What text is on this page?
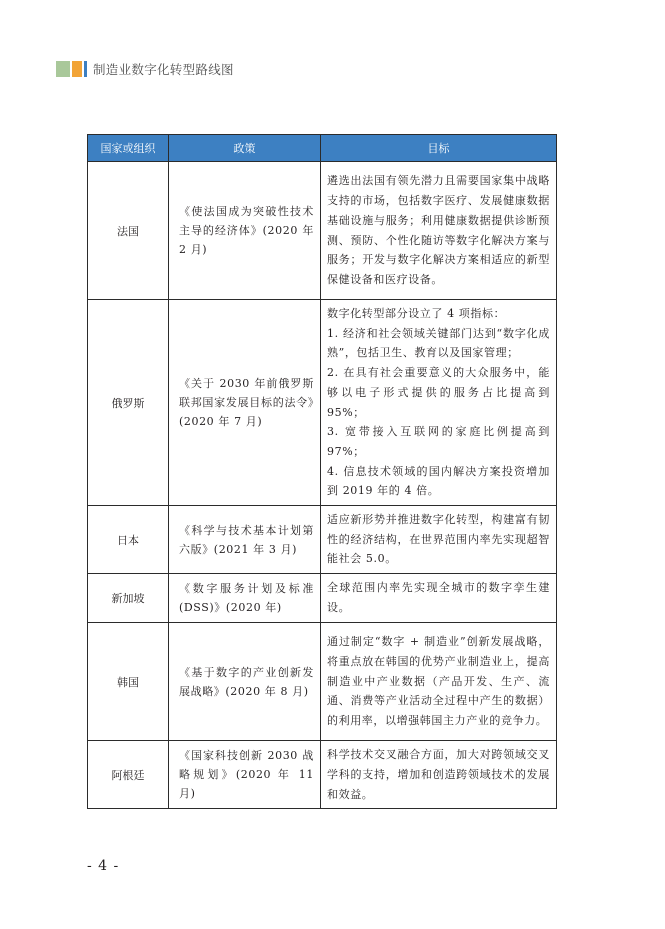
制造业数字化转型路线图
国家或组织	政策	目标
法国	《使法国成为突破性技术主导的经济体》(2020 年 2 月)	遴选出法国有领先潜力且需要国家集中战略支持的市场，包括数字医疗、发展健康数据基础设施与服务；利用健康数据提供诊断预测、预防、个性化随访等数字化解决方案与服务；开发与数字化解决方案相适应的新型保健设备和医疗设备。

俄罗斯	《关于 2030 年前俄罗斯联邦国家发展目标的法令》(2020 年 7 月)	数字化转型部分设立了 4 项指标：
1. 经济和社会领域关键部门达到“数字化成熟”，包括卫生、教育以及国家管理；
2. 在具有社会重要意义的大众服务中，能够以电子形式提供的服务占比提高到 95%；
3. 宽带接入互联网的家庭比例提高到 97%；
4. 信息技术领域的国内解决方案投资增加到 2019 年的 4 倍。

日本	《科学与技术基本计划第六版》(2021 年 3 月)	适应新形势并推进数字化转型，构建富有韧性的经济结构，在世界范围内率先实现超智能社会 5.0。

新加坡	《数字服务计划及标准(DSS)》(2020 年)	全球范围内率先实现全城市的数字孪生建设。

韩国	《基于数字的产业创新发展战略》(2020 年 8 月)	通过制定“数字 + 制造业”创新发展战略，将重点放在韩国的优势产业制造业上，提高制造业中产业数据（产品开发、生产、流通、消费等产业活动全过程中产生的数据）的利用率，以增强韩国主力产业的竞争力。

阿根廷	《国家科技创新 2030 战略规划》(2020 年 11 月)	科学技术交叉融合方面，加大对跨领域交叉学科的支持，增加和创造跨领域技术的发展和效益。
- 4 -
